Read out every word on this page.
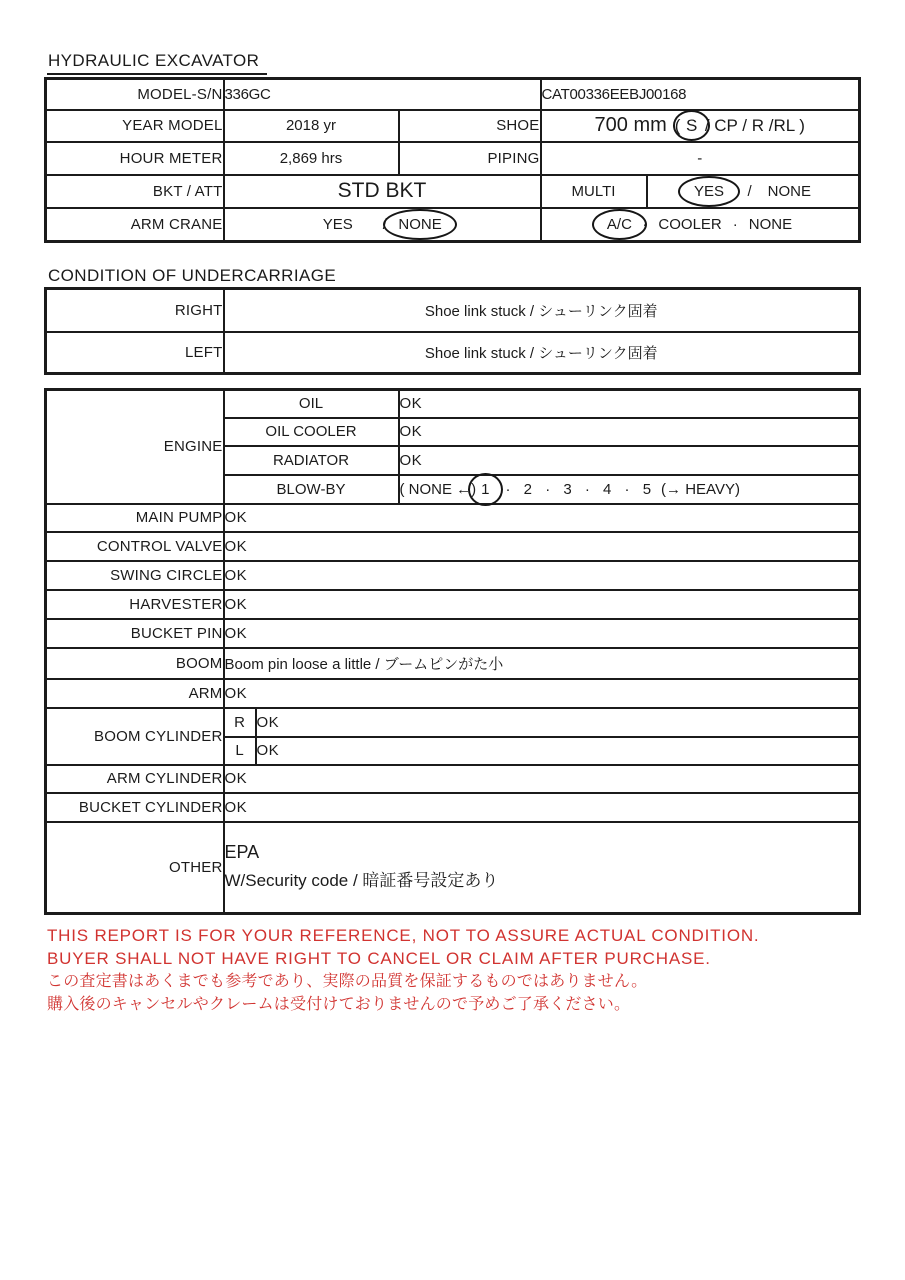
HYDRAULIC EXCAVATOR
MODEL-S/N	336GC		CAT00336EEBJ00168	
YEAR MODEL	2018 yr	SHOE	700 mm ( S / CP / R /RL )	
HOUR METER	2,869 hrs	PIPING	-	
BKT / ATT	STD BKT		MULTI	YES / NONE
ARM CRANE	YES / NONE		A/C · COOLER · NONE	
CONDITION OF UNDERCARRIAGE
RIGHT	Shoe link stuck / シューリンク固着
LEFT	Shoe link stuck / シューリンク固着
ENGINE	OIL		OK
	OIL COOLER		OK
	RADIATOR		OK
	BLOW-BY		( NONE ←) 1 · 2 · 3 · 4 · 5 (→ HEAVY)
MAIN PUMP	OK		
CONTROL VALVE	OK		
SWING CIRCLE	OK		
HARVESTER	OK		
BUCKET PIN	OK		
BOOM	Boom pin loose a little / ブームピンがた小		
ARM	OK		
BOOM CYLINDER	R	OK	
	L	OK	
ARM CYLINDER	OK		
BUCKET CYLINDER	OK		
OTHER	EPA
W/Security code / 暗証番号設定あり		
THIS REPORT IS FOR YOUR REFERENCE, NOT TO ASSURE ACTUAL CONDITION.
BUYER SHALL NOT HAVE RIGHT TO CANCEL OR CLAIM AFTER PURCHASE.
この査定書はあくまでも参考であり、実際の品質を保証するものではありません。
購入後のキャンセルやクレームは受付けておりませんので予めご了承ください。
